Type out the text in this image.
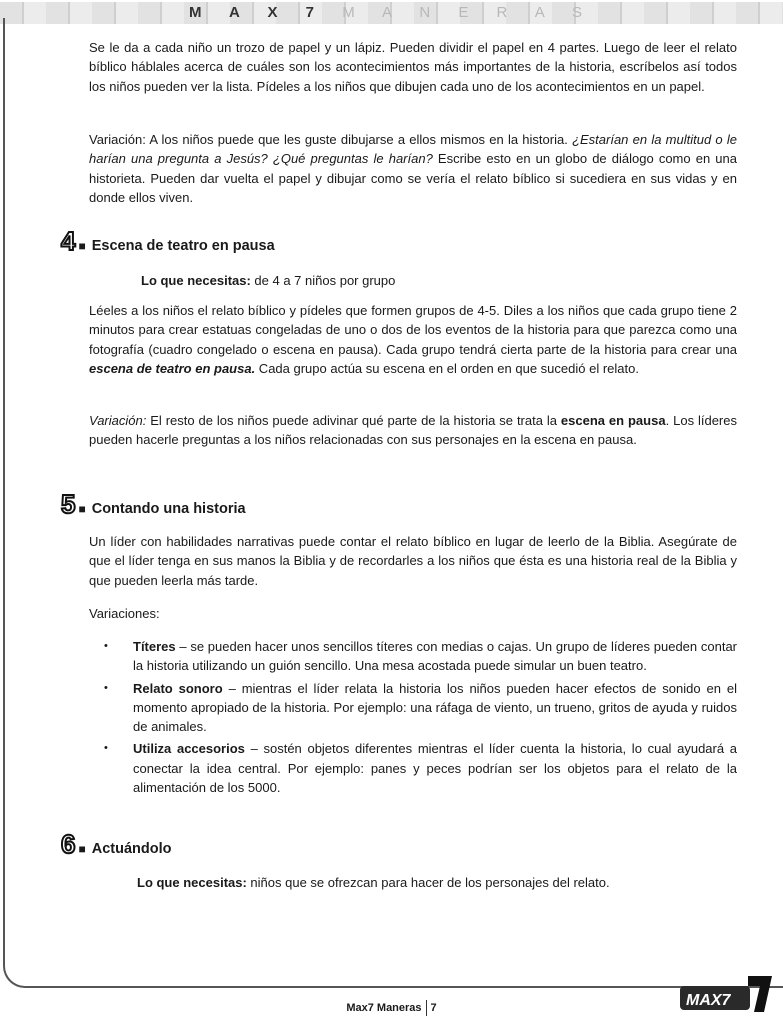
M A X 7 M A N E R A S

Se le da a cada niño un trozo de papel y un lápiz. Pueden dividir el papel en 4 partes. Luego de leer el relato bíblico háblales acerca de cuáles son los acontecimientos más importantes de la historia, escríbelos así todos los niños pueden ver la lista. Pídeles a los niños que dibujen cada uno de los acontecimientos en un papel.

Variación: A los niños puede que les guste dibujarse a ellos mismos en la historia. ¿Estarían en la multitud o le harían una pregunta a Jesús? ¿Qué preguntas le harían? Escribe esto en un globo de diálogo como en una historieta. Pueden dar vuelta el papel y dibujar como se vería el relato bíblico si sucediera en sus vidas y en donde ellos viven.

4 ■ Escena de teatro en pausa

Lo que necesitas: de 4 a 7 niños por grupo

Léeles a los niños el relato bíblico y pídeles que formen grupos de 4-5. Diles a los niños que cada grupo tiene 2 minutos para crear estatuas congeladas de uno o dos de los eventos de la historia para que parezca como una fotografía (cuadro congelado o escena en pausa). Cada grupo tendrá cierta parte de la historia para crear una escena de teatro en pausa. Cada grupo actúa su escena en el orden en que sucedió el relato.

Variación: El resto de los niños puede adivinar qué parte de la historia se trata la escena en pausa. Los líderes pueden hacerle preguntas a los niños relacionadas con sus personajes en la escena en pausa.

5 ■ Contando una historia

Un líder con habilidades narrativas puede contar el relato bíblico en lugar de leerlo de la Biblia. Asegúrate de que el líder tenga en sus manos la Biblia y de recordarles a los niños que ésta es una historia real de la Biblia y que pueden leerla más tarde.

Variaciones:

• Títeres – se pueden hacer unos sencillos títeres con medias o cajas. Un grupo de líderes pueden contar la historia utilizando un guión sencillo. Una mesa acostada puede simular un buen teatro.
• Relato sonoro – mientras el líder relata la historia los niños pueden hacer efectos de sonido en el momento apropiado de la historia. Por ejemplo: una ráfaga de viento, un trueno, gritos de ayuda y ruidos de animales.
• Utiliza accesorios – sostén objetos diferentes mientras el líder cuenta la historia, lo cual ayudará a conectar la idea central. Por ejemplo: panes y peces podrían ser los objetos para el relato de la alimentación de los 5000.
6 ■ Actuándolo

Lo que necesitas: niños que se ofrezcan para hacer de los personajes del relato.

Max7 Maneras 7	MAX7
